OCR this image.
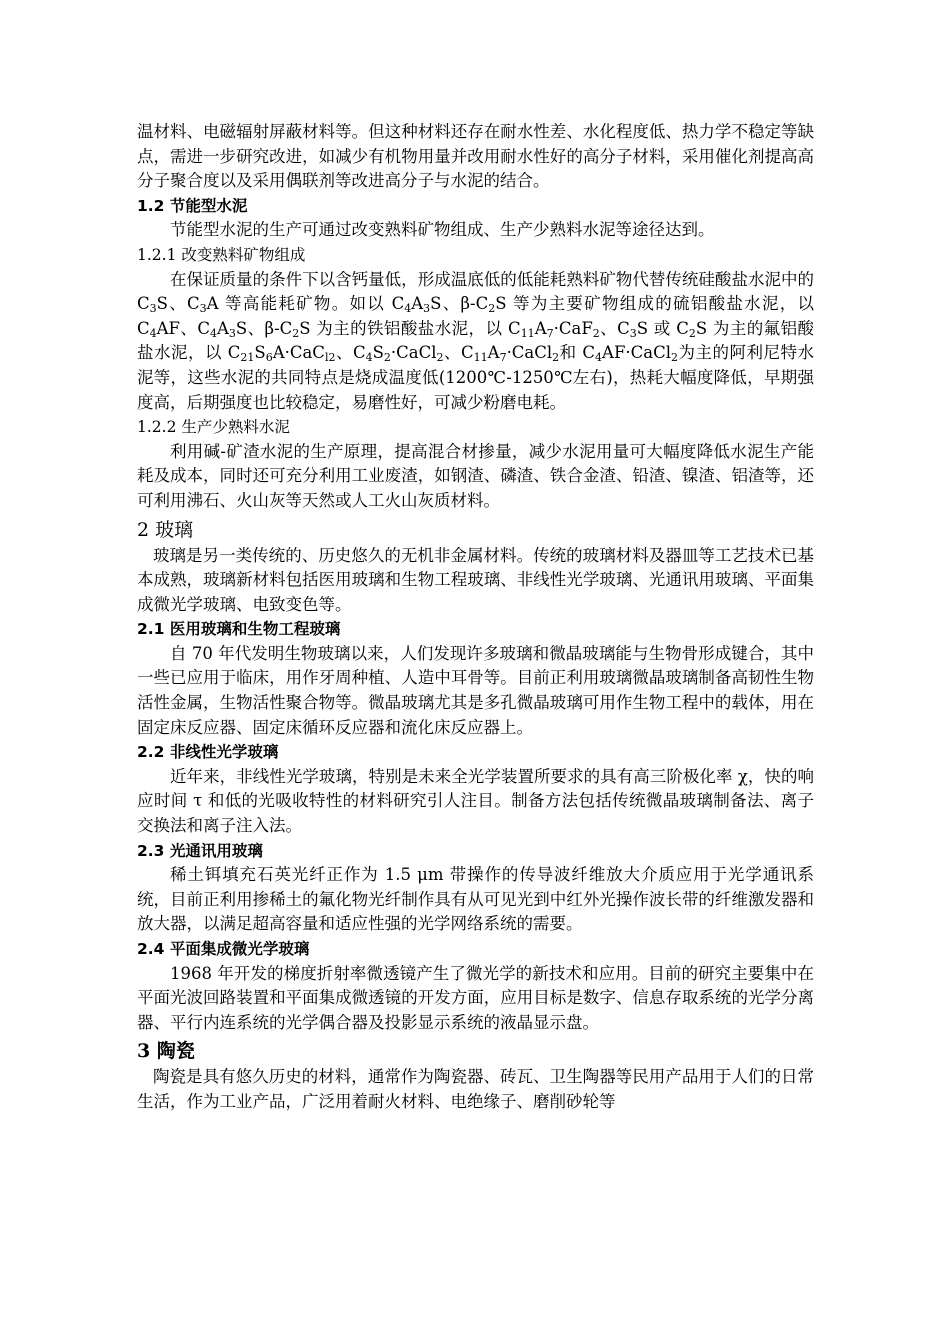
温材料、电磁辐射屏蔽材料等。但这种材料还存在耐水性差、水化程度低、热力学不稳定等缺点，需进一步研究改进，如减少有机物用量并改用耐水性好的高分子材料，采用催化剂提高高分子聚合度以及采用偶联剂等改进高分子与水泥的结合。

1.2 节能型水泥

节能型水泥的生产可通过改变熟料矿物组成、生产少熟料水泥等途径达到。

1.2.1 改变熟料矿物组成

在保证质量的条件下以含钙量低，形成温底低的低能耗熟料矿物代替传统硅酸盐水泥中的 $C_3S$、$C_3A$ 等高能耗矿物。如以 $C_4A_3S$、$\beta-C_2S$ 等为主要矿物组成的硫铝酸盐水泥，以 $C_4AF$、$C_4A_3S$、$\beta-C_2S$ 为主的铁铝酸盐水泥，以 $C_{11}A_7\cdot CaF_2$、$C_3S$ 或 $C_2S$ 为主的氟铝酸盐水泥，以 $C_{21}S_6A\cdot CaC_{l2}$、$C_4S_2\cdot CaCl_2$、$C_{11}A_7\cdot CaCl_2$和 $C_4AF\cdot CaCl_2$为主的阿利尼特水泥等，这些水泥的共同特点是烧成温度低(1200℃-1250℃左右)，热耗大幅度降低，早期强度高，后期强度也比较稳定，易磨性好，可减少粉磨电耗。

1.2.2 生产少熟料水泥

利用碱-矿渣水泥的生产原理，提高混合材掺量，减少水泥用量可大幅度降低水泥生产能耗及成本，同时还可充分利用工业废渣，如钢渣、磷渣、铁合金渣、铅渣、镍渣、铝渣等，还可利用沸石、火山灰等天然或人工火山灰质材料。

2 玻璃

玻璃是另一类传统的、历史悠久的无机非金属材料。传统的玻璃材料及器皿等工艺技术已基本成熟，玻璃新材料包括医用玻璃和生物工程玻璃、非线性光学玻璃、光通讯用玻璃、平面集成微光学玻璃、电致变色等。

2.1 医用玻璃和生物工程玻璃

自 70 年代发明生物玻璃以来，人们发现许多玻璃和微晶玻璃能与生物骨形成键合，其中一些已应用于临床，用作牙周种植、人造中耳骨等。目前正利用玻璃微晶玻璃制备高韧性生物活性金属，生物活性聚合物等。微晶玻璃尤其是多孔微晶玻璃可用作生物工程中的载体，用在固定床反应器、固定床循环反应器和流化床反应器上。

2.2 非线性光学玻璃

近年来，非线性光学玻璃，特别是未来全光学装置所要求的具有高三阶极化率 χ，快的响应时间 τ 和低的光吸收特性的材料研究引人注目。制备方法包括传统微晶玻璃制备法、离子交换法和离子注入法。

2.3 光通讯用玻璃

稀土铒填充石英光纤正作为 1.5 μm 带操作的传导波纤维放大介质应用于光学通讯系统，目前正利用掺稀土的氟化物光纤制作具有从可见光到中红外光操作波长带的纤维激发器和放大器，以满足超高容量和适应性强的光学网络系统的需要。

2.4 平面集成微光学玻璃

1968 年开发的梯度折射率微透镜产生了微光学的新技术和应用。目前的研究主要集中在平面光波回路装置和平面集成微透镜的开发方面，应用目标是数字、信息存取系统的光学分离器、平行内连系统的光学偶合器及投影显示系统的液晶显示盘。

3 陶瓷

陶瓷是具有悠久历史的材料，通常作为陶瓷器、砖瓦、卫生陶器等民用产品用于人们的日常生活，作为工业产品，广泛用着耐火材料、电绝缘子、磨削砂轮等
